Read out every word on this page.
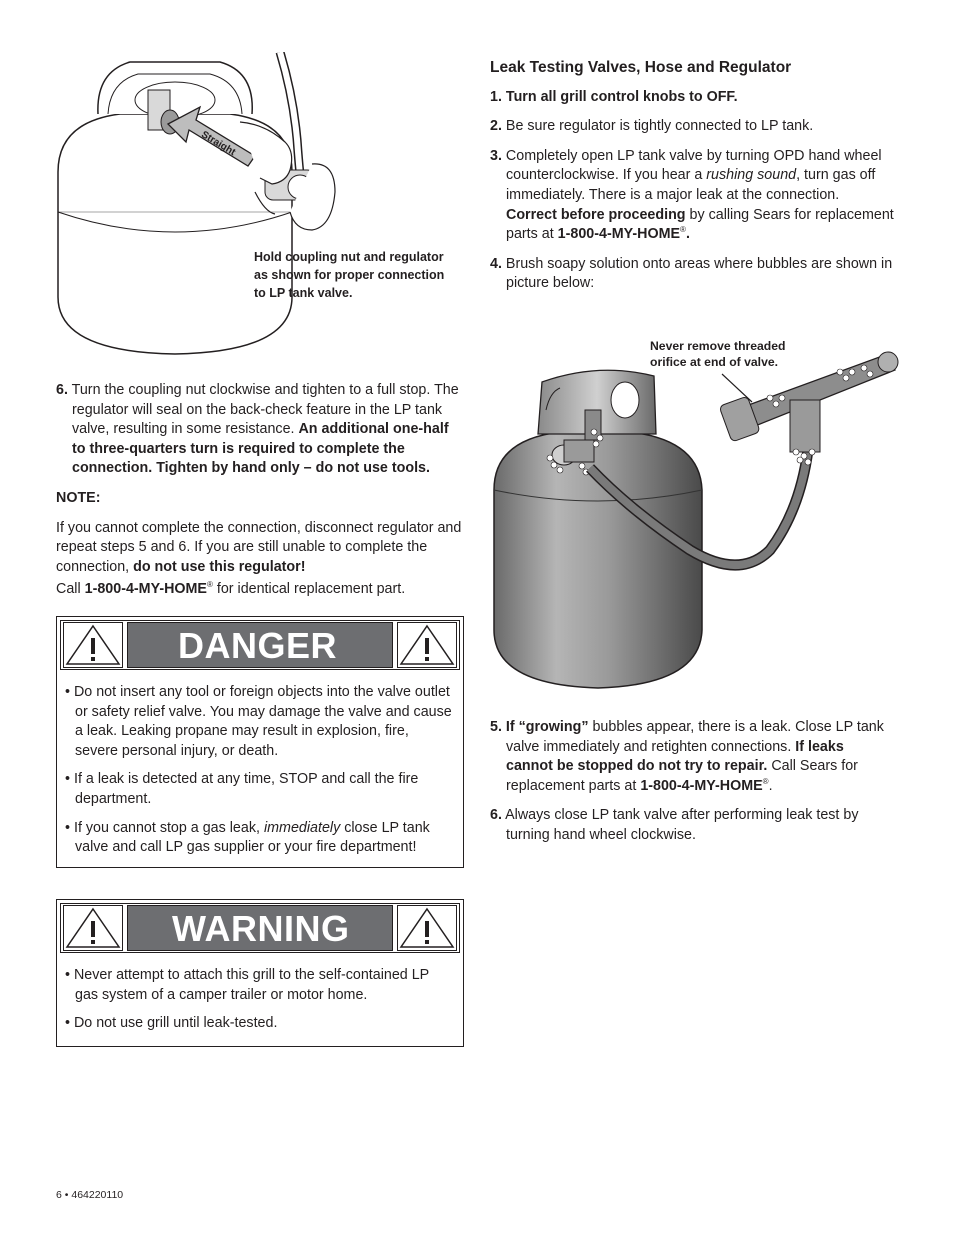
Straight
Hold coupling nut and regulator
as shown for proper connection
to LP tank valve.

6. Turn the coupling nut clockwise and tighten to a full stop. The regulator will seal on the back-check feature in the LP tank valve, resulting in some resistance. An additional one-half to three-quarters turn is required to complete the connection. Tighten by hand only – do not use tools.

NOTE:

If you cannot complete the connection, disconnect regulator and repeat steps 5 and 6. If you are still unable to complete the connection, do not use this regulator!

Call 1-800-4-MY-HOME® for identical replacement part.

DANGER

• Do not insert any tool or foreign objects into the valve outlet or safety relief valve. You may damage the valve and cause a leak. Leaking propane may result in explosion, fire, severe personal injury, or death.

• If a leak is detected at any time, STOP and call the fire department.

• If you cannot stop a gas leak, immediately close LP tank valve and call LP gas supplier or your fire department!

WARNING

• Never attempt to attach this grill to the self-contained LP gas system of a camper trailer or motor home.

• Do not use grill until leak-tested.

Leak Testing Valves, Hose and Regulator

1. Turn all grill control knobs to OFF.

2. Be sure regulator is tightly connected to LP tank.

3. Completely open LP tank valve by turning OPD hand wheel counterclockwise. If you hear a rushing sound, turn gas off immediately. There is a major leak at the connection. Correct before proceeding by calling Sears for replacement parts at 1-800-4-MY-HOME®.

4. Brush soapy solution onto areas where bubbles are shown in picture below:

Never remove threaded
orifice at end of valve.

5. If “growing” bubbles appear, there is a leak. Close LP tank valve immediately and retighten connections. If leaks cannot be stopped do not try to repair. Call Sears for replacement parts at 1-800-4-MY-HOME®.

6. Always close LP tank valve after performing leak test by turning hand wheel clockwise.

6 • 464220110
